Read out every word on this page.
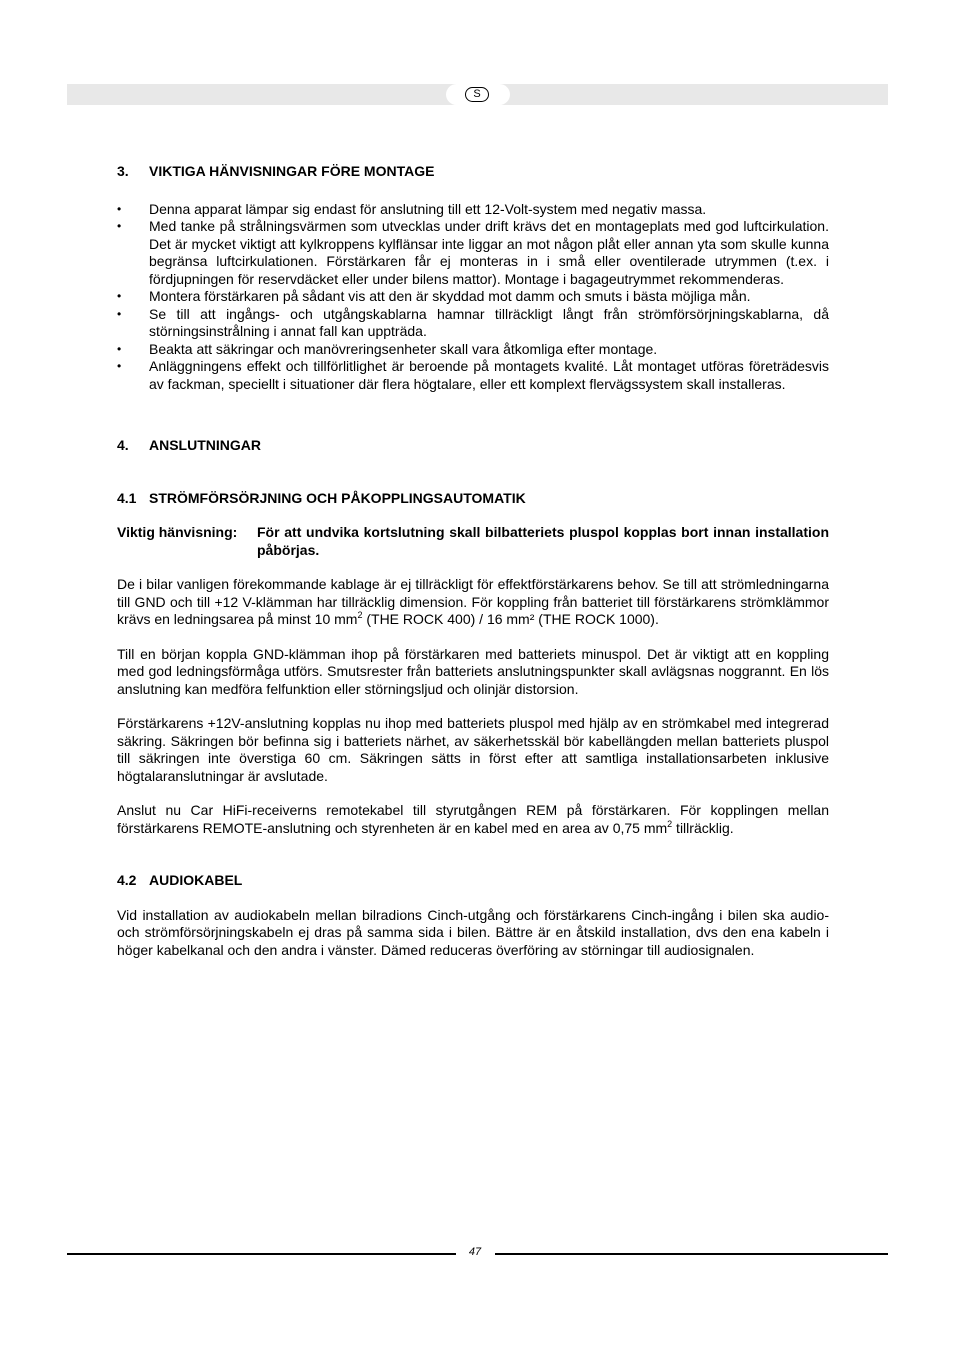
S
3.	VIKTIGA HÄNVISNINGAR FÖRE MONTAGE
•	Denna apparat lämpar sig endast för anslutning till ett 12-Volt-system med negativ massa.
•	Med tanke på strålningsvärmen som utvecklas under drift krävs det en montageplats med god luftcirkulation. Det är mycket viktigt att kylkroppens kylflänsar inte liggar an mot någon plåt eller annan yta som skulle kunna begränsa luftcirkulationen. Förstärkaren får ej monteras in i små eller oventilerade utrymmen (t.ex. i fördjupningen för reservdäcket eller under bilens mattor). Montage i bagageutrymmet rekommenderas.
•	Montera förstärkaren på sådant vis att den är skyddad mot damm och smuts i bästa möjliga mån.
•	Se till att ingångs- och utgångskablarna hamnar tillräckligt långt från strömförsörjningskablarna, då störningsinstrålning i annat fall kan uppträda.
•	Beakta att säkringar och manövreringsenheter skall vara åtkomliga efter montage.
•	Anläggningens effekt och tillförlitlighet är beroende på montagets kvalité. Låt montaget utföras företrädesvis av fackman, speciellt i situationer där flera högtalare, eller ett komplext flervägssystem skall installeras.
4.	ANSLUTNINGAR
4.1 STRÖMFÖRSÖRJNING OCH PÅKOPPLINGSAUTOMATIK
Viktig hänvisning:	För att undvika kortslutning skall bilbatteriets pluspol kopplas bort innan installation påbörjas.

De i bilar vanligen förekommande kablage är ej tillräckligt för effektförstärkarens behov. Se till att strömledningarna till GND och till +12 V-klämman har tillräcklig dimension. För koppling från batteriet till förstärkarens strömklämmor krävs en ledningsarea på minst 10 $mm^2$ (THE ROCK 400) / 16 mm² (THE ROCK 1000).

Till en början koppla GND-klämman ihop på förstärkaren med batteriets minuspol. Det är viktigt att en koppling med god ledningsförmåga utförs. Smutsrester från batteriets anslutningspunkter skall avlägsnas noggrannt. En lös anslutning kan medföra felfunktion eller störningsljud och olinjär distorsion.

Förstärkarens +12V-anslutning kopplas nu ihop med batteriets pluspol med hjälp av en strömkabel med integrerad säkring. Säkringen bör befinna sig i batteriets närhet, av säkerhetsskäl bör kabellängden mellan batteriets pluspol till säkringen inte överstiga 60 cm. Säkringen sätts in först efter att samtliga installationsarbeten inklusive högtalaranslutningar är avslutade.

Anslut nu Car HiFi-receiverns remotekabel till styrutgången REM på förstärkaren. För kopplingen mellan förstärkarens REMOTE-anslutning och styrenheten är en kabel med en area av 0,75 $mm^2$ tillräcklig.

4.2 AUDIOKABEL

Vid installation av audiokabeln mellan bilradions Cinch-utgång och förstärkarens Cinch-ingång i bilen ska audio- och strömförsörjningskabeln ej dras på samma sida i bilen. Bättre är en åtskild installation, dvs den ena kabeln i höger kabelkanal och den andra i vänster. Dämed reduceras överföring av störningar till audiosignalen.

47
